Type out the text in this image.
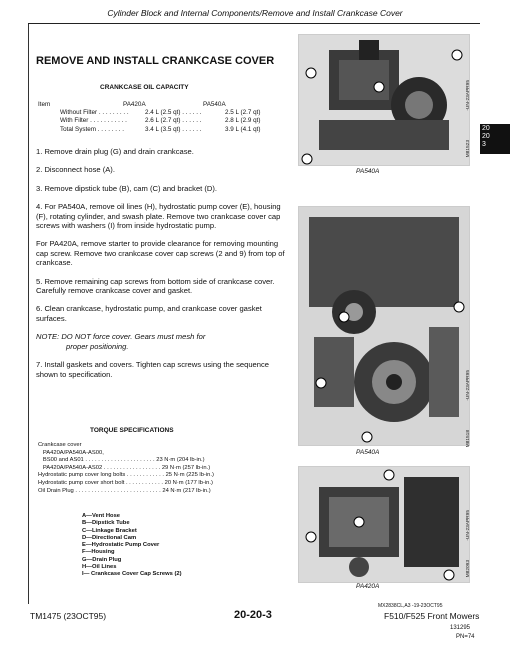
Cylinder Block and Internal Components/Remove and Install Crankcase Cover
REMOVE AND INSTALL CRANKCASE COVER
CRANKCASE OIL CAPACITY
Item	PA420A	PA540A
Without Filter . . . . . . . . .	2.4 L (2.5 qt) . . . . . .	2.5 L (2.7 qt)
With Filter . . . . . . . . . . .	2.6 L (2.7 qt) . . . . . .	2.8 L (2.9 qt)
Total System . . . . . . . .	3.4 L (3.5 qt) . . . . . .	3.9 L (4.1 qt)

1. Remove drain plug (G) and drain crankcase.

2. Disconnect hose (A).

3. Remove dipstick tube (B), cam (C) and bracket (D).

4. For PA540A, remove oil lines (H), hydrostatic pump cover (E), housing (F), rotating cylinder, and swash plate. Remove two crankcase cover cap screws with washers (I) from inside hydrostatic pump.

For PA420A, remove starter to provide clearance for removing mounting cap screw. Remove two crankcase cover cap screws (2 and 9) from top of crankcase.

5. Remove remaining cap screws from bottom side of crankcase cover. Carefully remove crankcase cover and gasket.

6. Clean crankcase, hydrostatic pump, and crankcase cover gasket surfaces.

NOTE: DO NOT force cover. Gears must mesh for
proper positioning.

7. Install gaskets and covers. Tighten cap screws using the sequence shown to specification.

TORQUE SPECIFICATIONS
Crankcase cover
PA420A/PA540A-AS00,
BS00 and AS01 . . . . . . . . . . . . . . . . . . . . . . 23 N·m (204 lb-in.)
PA420A/PA540A-AS02 . . . . . . . . . . . . . . . . . . 29 N·m (257 lb-in.)
Hydrostatic pump cover long bolts . . . . . . . . . . . . 25 N·m (225 lb-in.)
Hydrostatic pump cover short bolt . . . . . . . . . . . . 20 N·m (177 lb-in.)
Oil Drain Plug . . . . . . . . . . . . . . . . . . . . . . . . . . . 24 N·m (217 lb-in.)
A—Vent Hose
B—Dipstick Tube
C—Linkage Bracket
D—Directional Cam
E—Hydrostatic Pump Cover
F—Housing
G—Drain Plug
H—Oil Lines
I— Crankcase Cover Cap Screws (2)
PA540A
-UN-23APR95
M81523
PA540A
-UN-23APR95
M81518
PA420A
-UN-23APR95
M82093
20
20
3
MX2838CL,A3 -19-23OCT95
TM1475 (23OCT95)	20-20-3	F510/F525 Front Mowers
131295
PN=74
